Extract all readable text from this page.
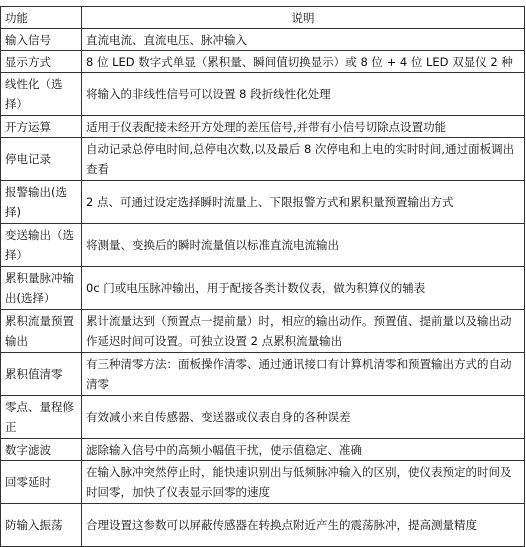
功能	说明
输入信号	直流电流、直流电压、脉冲输入
显示方式	8 位 LED 数字式单显（累积量、瞬间值切换显示）或 8 位 + 4 位 LED 双显仪 2 种
线性化（选择）	将输入的非线性信号可以设置 8 段折线性化处理
开方运算	适用于仪表配接未经开方处理的差压信号,并带有小信号切除点设置功能
停电记录	自动记录总停电时间,总停电次数,以及最后 8 次停电和上电的实时时间,通过面板调出查看
报警输出(选择)	2 点、可通过设定选择瞬时流量上、下限报警方式和累积量预置输出方式
变送输出（选择）	将测量、变换后的瞬时流量值以标准直流电流输出
累积量脉冲输出(选择）	0c 门或电压脉冲输出，用于配接各类计数仪表，做为积算仪的辅表
累积流量预置输出	累计流量达到（预置点一提前量）时，相应的输出动作。预置值、提前量以及输出动作延迟时间可设置。可独立设置 2 点累积流量输出
累积值清零	有三种清零方法：面板操作清零、通过通讯接口有计算机清零和预置输出方式的自动清零
零点、量程修正	有效减小来自传感器、变送器或仪表自身的各种误差
数字滤波	滤除输入信号中的高频小幅值干扰，使示值稳定、准确
回零延时	在输入脉冲突然停止时，能快速识别出与低频脉冲输入的区别，使仪表预定的时间及时回零，加快了仪表显示回零的速度
防输入振荡	合理设置这参数可以屏蔽传感器在转换点附近产生的震荡脉冲，提高测量精度
